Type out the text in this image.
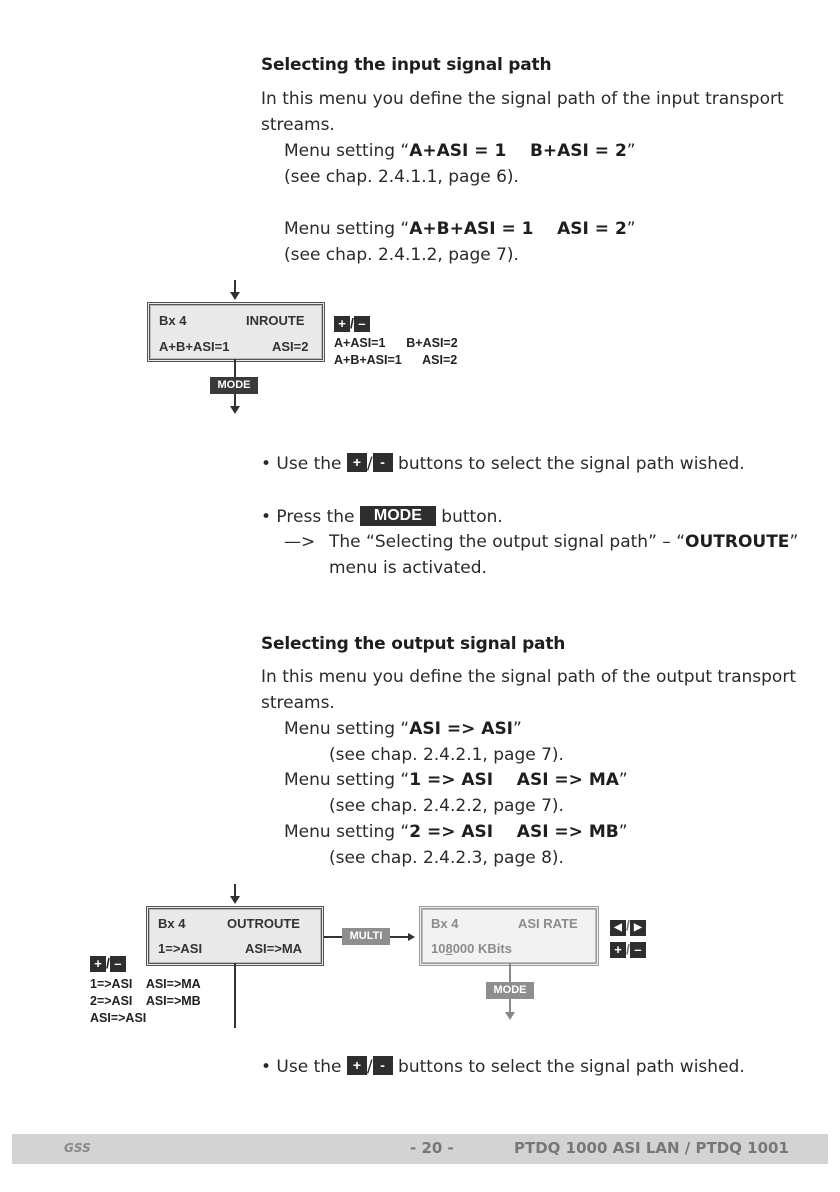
Selecting the input signal path
In this menu you define the signal path of the input transport
streams.
Menu setting “A+ASI = 1    B+ASI = 2”
(see chap. 2.4.1.1, page 6).
Menu setting “A+B+ASI = 1    ASI = 2”
(see chap. 2.4.1.2, page 7).
Bx 4	INROUTE
A+B+ASI=1	ASI=2
+ / –
A+ASI=1      B+ASI=2
A+B+ASI=1      ASI=2
MODE
• Use the + / - buttons to select the signal path wished.
• Press the MODE button.
—> The “Selecting the output signal path” – “OUTROUTE”
menu is activated.
Selecting the output signal path
In this menu you define the signal path of the output transport
streams.
Menu setting “ASI => ASI”
(see chap. 2.4.2.1, page 7).
Menu setting “1 => ASI    ASI => MA”
(see chap. 2.4.2.2, page 7).
Menu setting “2 => ASI    ASI => MB”
(see chap. 2.4.2.3, page 8).
Bx 4	OUTROUTE
1=>ASI	ASI=>MA
MULTI
Bx 4	ASI RATE
108000 KBits
◀ / ▶
+ / –
MODE
+ / –
1=>ASI    ASI=>MA
2=>ASI    ASI=>MB
ASI=>ASI
• Use the + / - buttons to select the signal path wished.
GSS	- 20 -	PTDQ 1000 ASI LAN / PTDQ 1001
